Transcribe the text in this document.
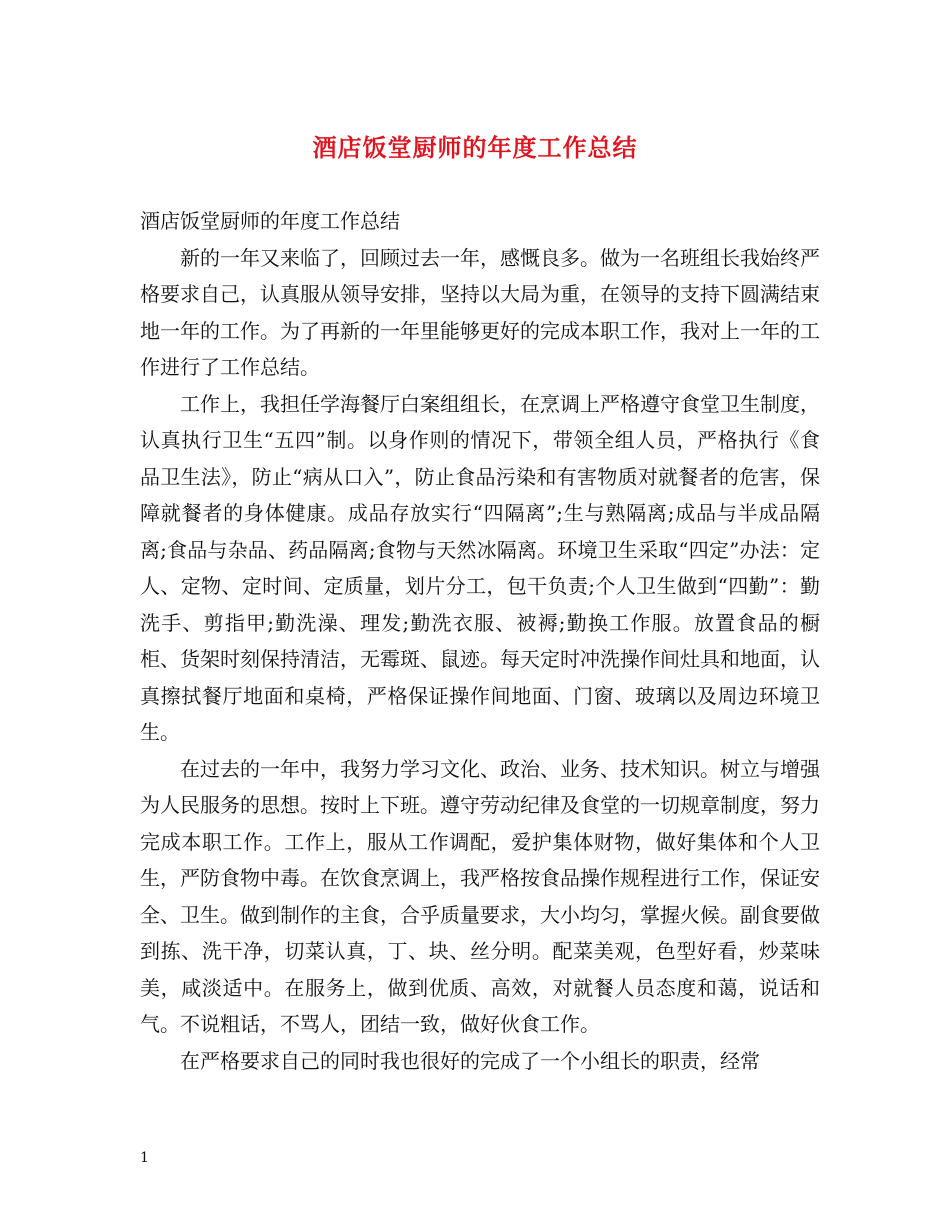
酒店饭堂厨师的年度工作总结

酒店饭堂厨师的年度工作总结

新的一年又来临了，回顾过去一年，感慨良多。做为一名班组长我始终严格要求自己，认真服从领导安排，坚持以大局为重，在领导的支持下圆满结束地一年的工作。为了再新的一年里能够更好的完成本职工作，我对上一年的工作进行了工作总结。

工作上，我担任学海餐厅白案组组长，在烹调上严格遵守食堂卫生制度，认真执行卫生“五四”制。以身作则的情况下，带领全组人员，严格执行《食品卫生法》，防止“病从口入”，防止食品污染和有害物质对就餐者的危害，保障就餐者的身体健康。成品存放实行“四隔离”;生与熟隔离;成品与半成品隔离;食品与杂品、药品隔离;食物与天然冰隔离。环境卫生采取“四定”办法：定人、定物、定时间、定质量，划片分工，包干负责;个人卫生做到“四勤”：勤洗手、剪指甲;勤洗澡、理发;勤洗衣服、被褥;勤换工作服。放置食品的橱柜、货架时刻保持清洁，无霉斑、鼠迹。每天定时冲洗操作间灶具和地面，认真擦拭餐厅地面和桌椅，严格保证操作间地面、门窗、玻璃以及周边环境卫生。

在过去的一年中，我努力学习文化、政治、业务、技术知识。树立与增强为人民服务的思想。按时上下班。遵守劳动纪律及食堂的一切规章制度，努力完成本职工作。工作上，服从工作调配，爱护集体财物，做好集体和个人卫生，严防食物中毒。在饮食烹调上，我严格按食品操作规程进行工作，保证安全、卫生。做到制作的主食，合乎质量要求，大小均匀，掌握火候。副食要做到拣、洗干净，切菜认真，丁、块、丝分明。配菜美观，色型好看，炒菜味美，咸淡适中。在服务上，做到优质、高效，对就餐人员态度和蔼，说话和气。不说粗话，不骂人，团结一致，做好伙食工作。

在严格要求自己的同时我也很好的完成了一个小组长的职责，经常

1
